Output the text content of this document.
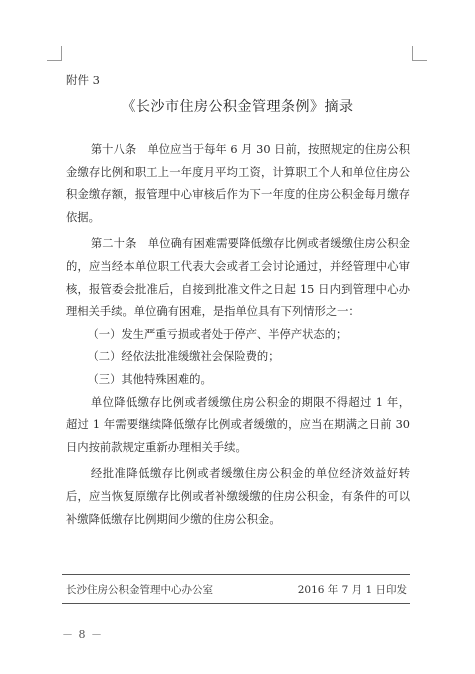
附件 3
《长沙市住房公积金管理条例》摘录

第十八条　单位应当于每年 6 月 30 日前，按照规定的住房公积金缴存比例和职工上一年度月平均工资，计算职工个人和单位住房公积金缴存额，报管理中心审核后作为下一年度的住房公积金每月缴存依据。

第二十条　单位确有困难需要降低缴存比例或者缓缴住房公积金的，应当经本单位职工代表大会或者工会讨论通过，并经管理中心审核，报管委会批准后，自接到批准文件之日起 15 日内到管理中心办理相关手续。单位确有困难，是指单位具有下列情形之一：

（一）发生严重亏损或者处于停产、半停产状态的；

（二）经依法批准缓缴社会保险费的；

（三）其他特殊困难的。

单位降低缴存比例或者缓缴住房公积金的期限不得超过 1 年，超过 1 年需要继续降低缴存比例或者缓缴的，应当在期满之日前 30 日内按前款规定重新办理相关手续。

经批准降低缴存比例或者缓缴住房公积金的单位经济效益好转后，应当恢复原缴存比例或者补缴缓缴的住房公积金，有条件的可以补缴降低缴存比例期间少缴的住房公积金。

长沙住房公积金管理中心办公室	2016 年 7 月 1 日印发
－ 8 －
